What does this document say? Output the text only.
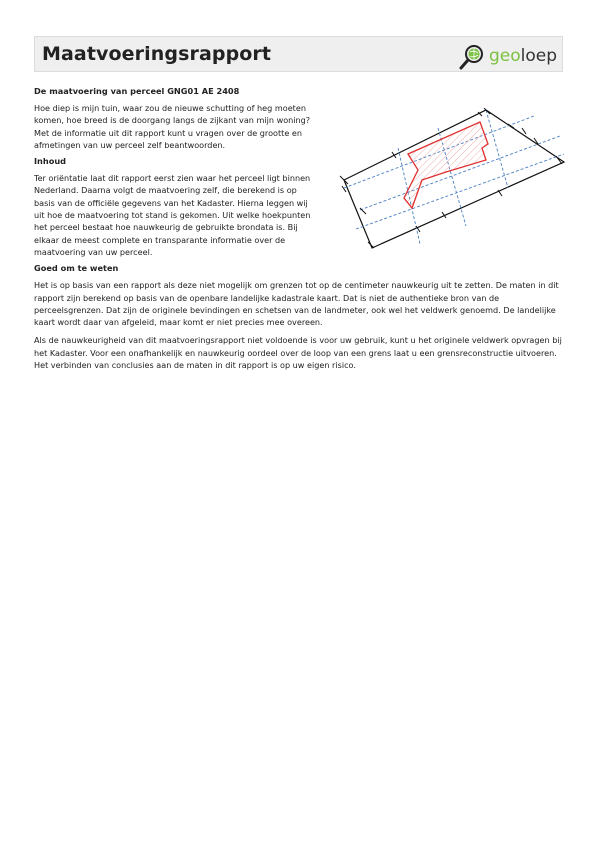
Maatvoeringsrapport	geoloep
De maatvoering van perceel GNG01 AE 2408

Hoe diep is mijn tuin, waar zou de nieuwe schutting of heg moeten komen, hoe breed is de doorgang langs de zijkant van mijn woning? Met de informatie uit dit rapport kunt u vragen over de grootte en afmetingen van uw perceel zelf beantwoorden.

Inhoud

Ter oriëntatie laat dit rapport eerst zien waar het perceel ligt binnen Nederland. Daarna volgt de maatvoering zelf, die berekend is op basis van de officiële gegevens van het Kadaster. Hierna leggen wij uit hoe de maatvoering tot stand is gekomen. Uit welke hoekpunten het perceel bestaat hoe nauwkeurig de gebruikte brondata is. Bij elkaar de meest complete en transparante informatie over de maatvoering van uw perceel.

Goed om te weten

Het is op basis van een rapport als deze niet mogelijk om grenzen tot op de centimeter nauwkeurig uit te zetten. De maten in dit rapport zijn berekend op basis van de openbare landelijke kadastrale kaart. Dat is niet de authentieke bron van de perceelsgrenzen. Dat zijn de originele bevindingen en schetsen van de landmeter, ook wel het veldwerk genoemd. De landelijke kaart wordt daar van afgeleid, maar komt er niet precies mee overeen.

Als de nauwkeurigheid van dit maatvoeringsrapport niet voldoende is voor uw gebruik, kunt u het originele veldwerk opvragen bij het Kadaster. Voor een onafhankelijk en nauwkeurig oordeel over de loop van een grens laat u een grensreconstructie uitvoeren. Het verbinden van conclusies aan de maten in dit rapport is op uw eigen risico.
